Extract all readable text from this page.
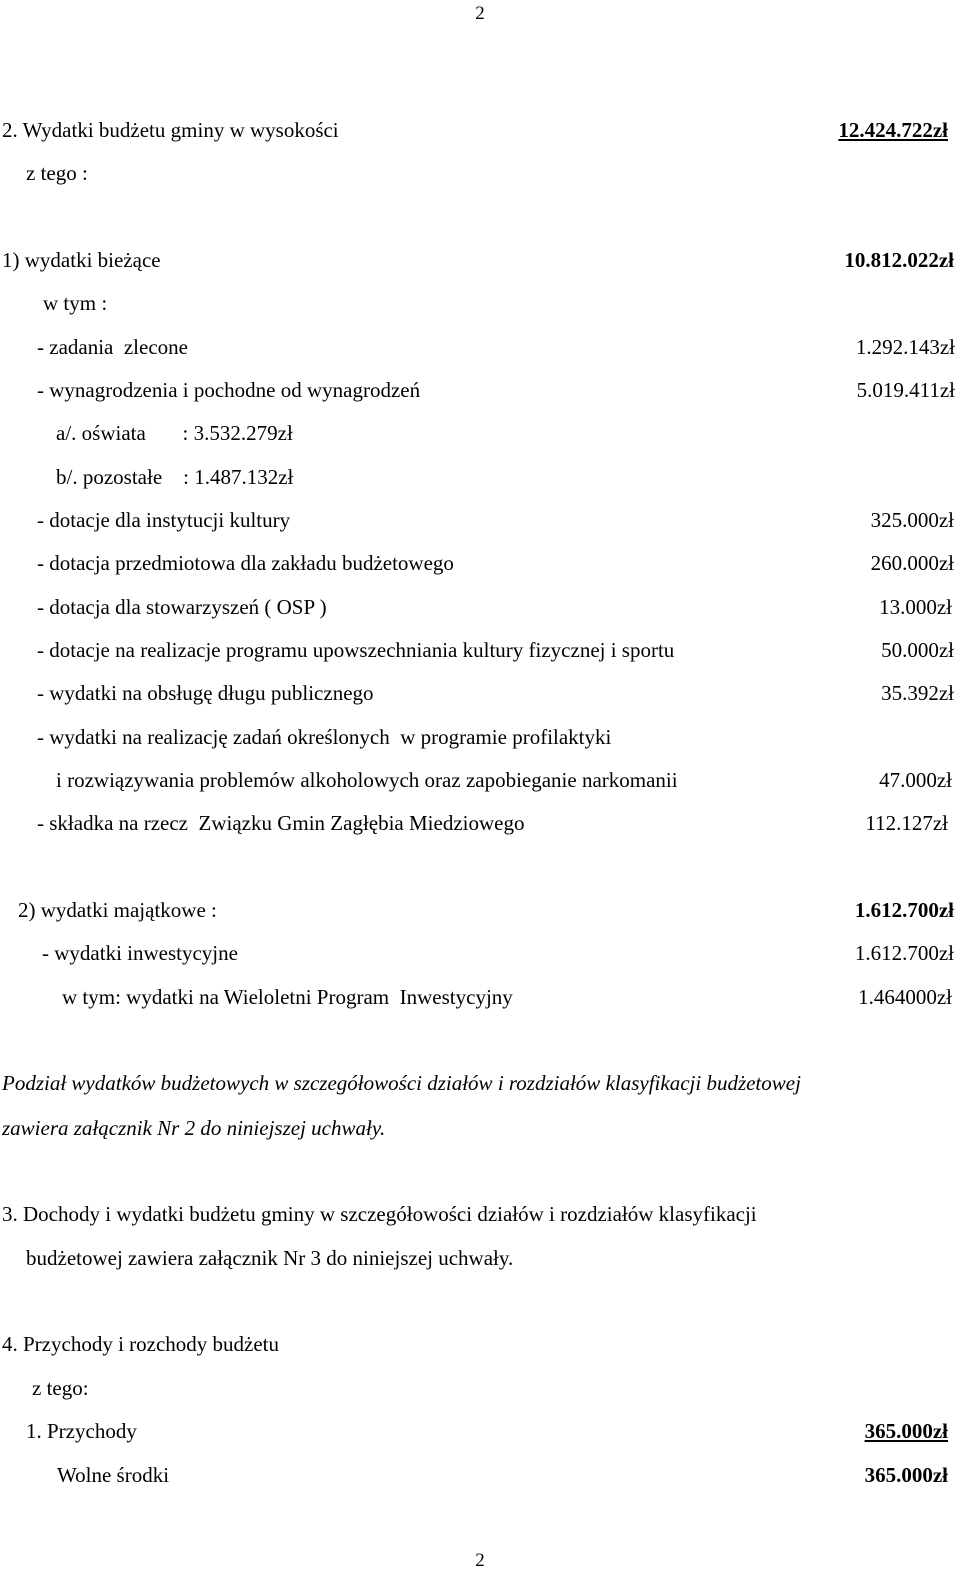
2
2. Wydatki budżetu gminy w wysokości	12.424.722zł
z tego :
1) wydatki bieżące	10.812.022zł
w tym :
- zadania  zlecone	1.292.143zł
- wynagrodzenia i pochodne od wynagrodzeń	5.019.411zł
a/. oświata       : 3.532.279zł
b/. pozostałe    : 1.487.132zł
- dotacje dla instytucji kultury	325.000zł
- dotacja przedmiotowa dla zakładu budżetowego	260.000zł
- dotacja dla stowarzyszeń ( OSP )	13.000zł
- dotacje na realizacje programu upowszechniania kultury fizycznej i sportu	50.000zł
- wydatki na obsługę długu publicznego	35.392zł
- wydatki na realizację zadań określonych  w programie profilaktyki
i rozwiązywania problemów alkoholowych oraz zapobieganie narkomanii	47.000zł
- składka na rzecz  Związku Gmin Zagłębia Miedziowego	112.127zł
2) wydatki majątkowe :	1.612.700zł
- wydatki inwestycyjne	1.612.700zł
w tym: wydatki na Wieloletni Program  Inwestycyjny	1.464000zł
Podział wydatków budżetowych w szczegółowości działów i rozdziałów klasyfikacji budżetowej
zawiera załącznik Nr 2 do niniejszej uchwały.
3. Dochody i wydatki budżetu gminy w szczegółowości działów i rozdziałów klasyfikacji
budżetowej zawiera załącznik Nr 3 do niniejszej uchwały.
4. Przychody i rozchody budżetu
z tego:
1. Przychody	365.000zł
Wolne środki	365.000zł
2
